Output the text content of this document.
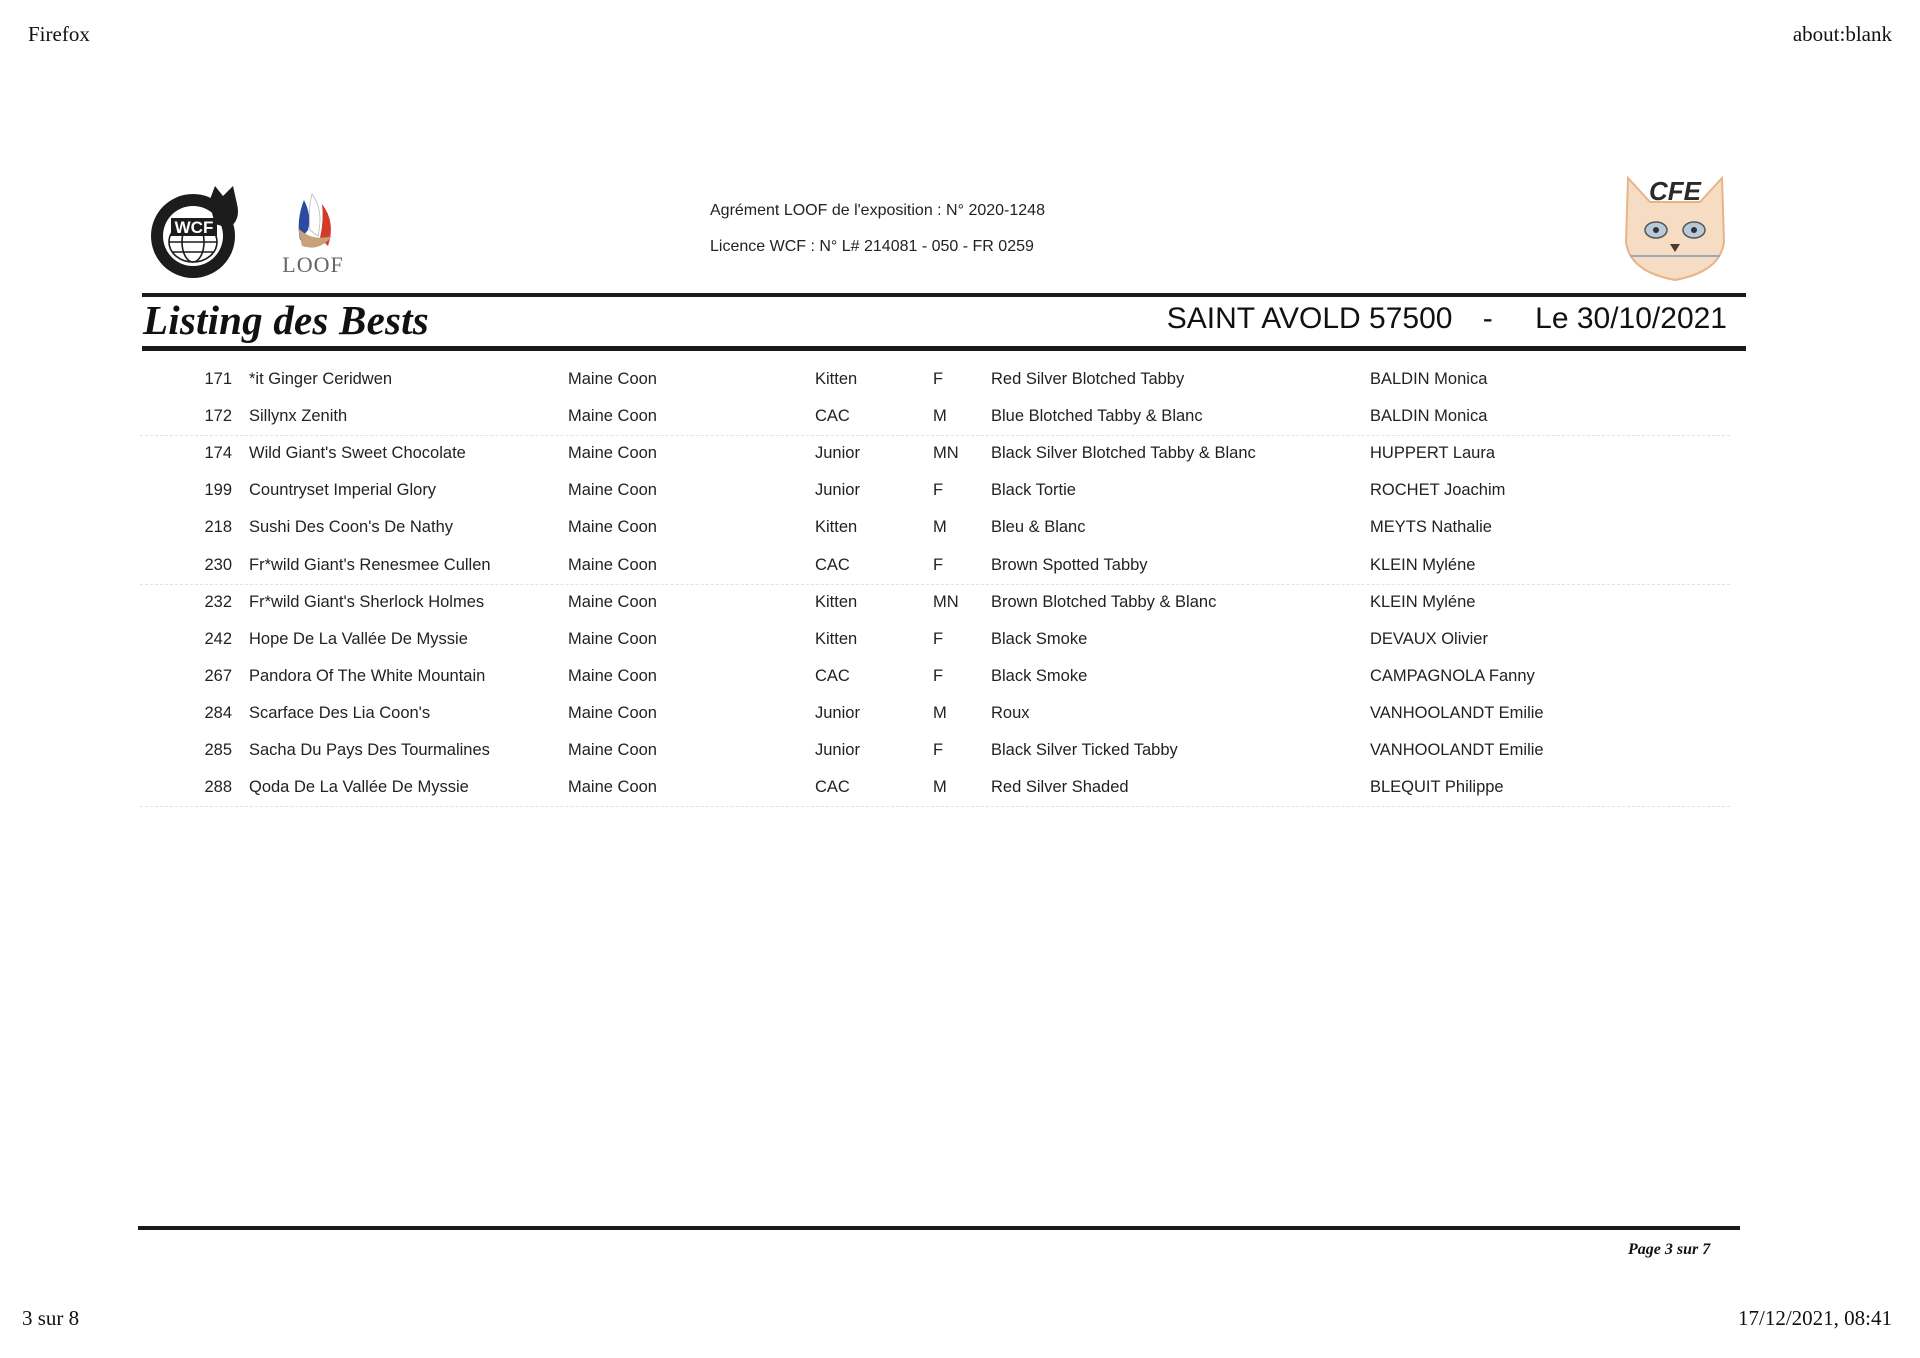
Firefox	about:blank
3 sur 8	17/12/2021, 08:41
WCF
LOOF
CFE
Agrément LOOF de l'exposition : N° 2020-1248
Licence WCF : N° L# 214081 - 050 - FR 0259
Listing des Bests	SAINT AVOLD 57500 - Le 30/10/2021
171 *it Ginger Ceridwen	Maine Coon	Kitten	F	Red Silver Blotched Tabby	BALDIN Monica
172 Sillynx Zenith	Maine Coon	CAC	M	Blue Blotched Tabby & Blanc	BALDIN Monica
174 Wild Giant's Sweet Chocolate	Maine Coon	Junior	MN Black Silver Blotched Tabby & Blanc	HUPPERT Laura
199 Countryset Imperial Glory	Maine Coon	Junior	F	Black Tortie	ROCHET Joachim
218 Sushi Des Coon's De Nathy	Maine Coon	Kitten	M	Bleu & Blanc	MEYTS Nathalie
230 Fr*wild Giant's Renesmee Cullen	Maine Coon	CAC	F	Brown Spotted Tabby	KLEIN Myléne
232 Fr*wild Giant's Sherlock Holmes	Maine Coon	Kitten	MN Brown Blotched Tabby & Blanc	KLEIN Myléne
242 Hope De La Vallée De Myssie	Maine Coon	Kitten	F	Black Smoke	DEVAUX Olivier
267 Pandora Of The White Mountain	Maine Coon	CAC	F	Black Smoke	CAMPAGNOLA Fanny
284 Scarface Des Lia Coon's	Maine Coon	Junior	M	Roux	VANHOOLANDT Emilie
285 Sacha Du Pays Des Tourmalines	Maine Coon	Junior	F	Black Silver Ticked Tabby	VANHOOLANDT Emilie
288 Qoda De La Vallée De Myssie	Maine Coon	CAC	M	Red Silver Shaded	BLEQUIT Philippe
Page 3 sur 7
